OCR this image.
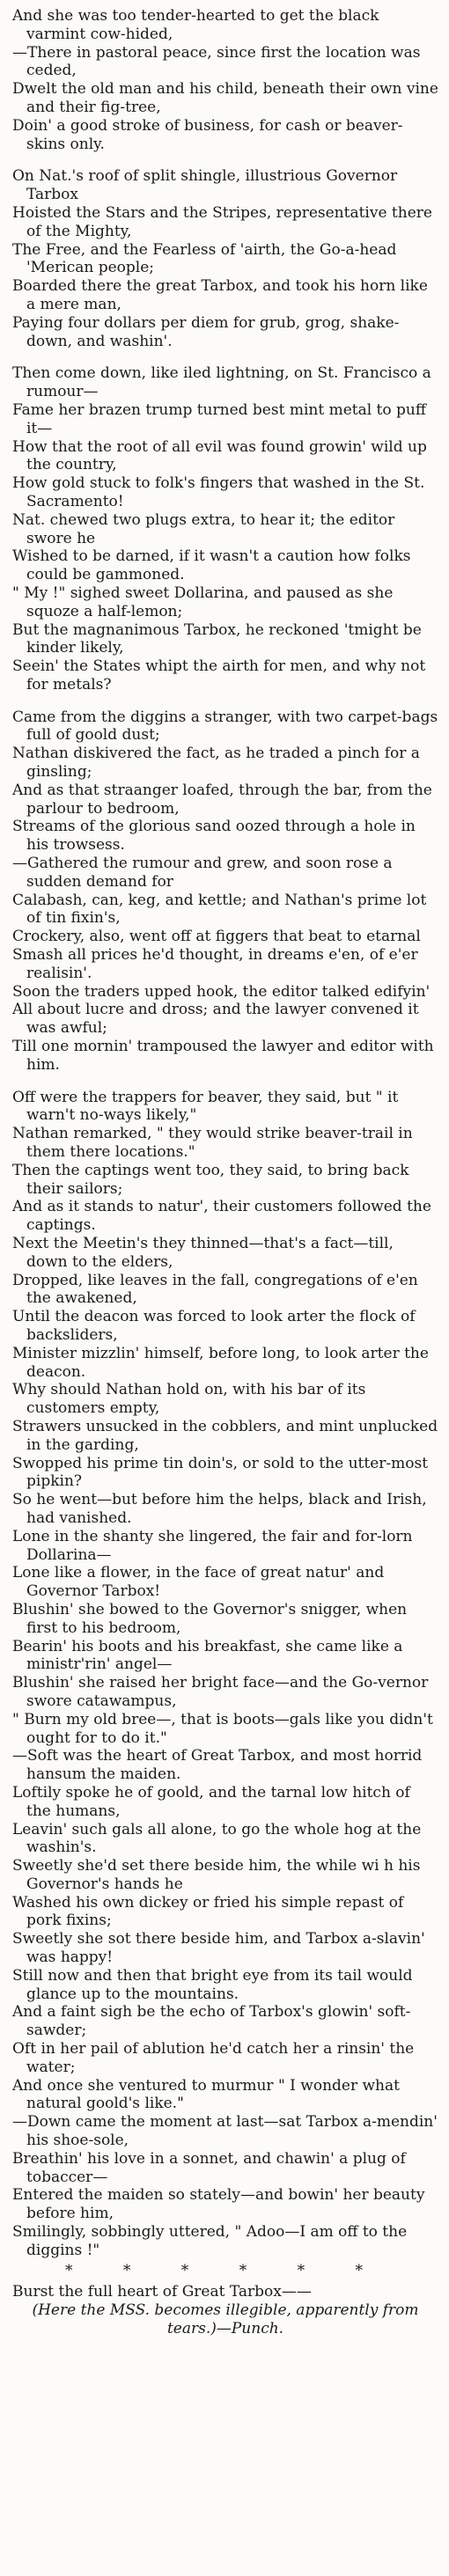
And she was too tender-hearted to get the black varmint cow-hided,

—There in pastoral peace, since first the location was ceded,

Dwelt the old man and his child, beneath their own vine and their fig-tree,

Doin' a good stroke of business, for cash or beaver-skins only.

On Nat.'s roof of split shingle, illustrious Governor Tarbox

Hoisted the Stars and the Stripes, representative there of the Mighty,

The Free, and the Fearless of 'airth, the Go-a-head 'Merican people;

Boarded there the great Tarbox, and took his horn like a mere man,

Paying four dollars per diem for grub, grog, shake-down, and washin'.

Then come down, like iled lightning, on St. Francisco a rumour—

Fame her brazen trump turned best mint metal to puff it—

How that the root of all evil was found growin' wild up the country,

How gold stuck to folk's fingers that washed in the St. Sacramento!

Nat. chewed two plugs extra, to hear it; the editor swore he

Wished to be darned, if it wasn't a caution how folks could be gammoned.

" My !" sighed sweet Dollarina, and paused as she squoze a half-lemon;

But the magnanimous Tarbox, he reckoned 'tmight be kinder likely,

Seein' the States whipt the airth for men, and why not for metals?

Came from the diggins a stranger, with two carpet-bags full of goold dust;

Nathan diskivered the fact, as he traded a pinch for a ginsling;

And as that straanger loafed, through the bar, from the parlour to bedroom,

Streams of the glorious sand oozed through a hole in his trowsess.

—Gathered the rumour and grew, and soon rose a sudden demand for

Calabash, can, keg, and kettle; and Nathan's prime lot of tin fixin's,

Crockery, also, went off at figgers that beat to etarnal

Smash all prices he'd thought, in dreams e'en, of e'er realisin'.

Soon the traders upped hook, the editor talked edifyin'

All about lucre and dross; and the lawyer convened it was awful;

Till one mornin' trampoused the lawyer and editor with him.

Off were the trappers for beaver, they said, but " it warn't no-ways likely,"

Nathan remarked, " they would strike beaver-trail in them there locations."

Then the captings went too, they said, to bring back their sailors;

And as it stands to natur', their customers followed the captings.

Next the Meetin's they thinned—that's a fact—till, down to the elders,

Dropped, like leaves in the fall, congregations of e'en the awakened,

Until the deacon was forced to look arter the flock of backsliders,

Minister mizzlin' himself, before long, to look arter the deacon.

Why should Nathan hold on, with his bar of its customers empty,

Strawers unsucked in the cobblers, and mint unplucked in the garding,

Swopped his prime tin doin's, or sold to the utter-most pipkin?

So he went—but before him the helps, black and Irish, had vanished.

Lone in the shanty she lingered, the fair and for-lorn Dollarina—

Lone like a flower, in the face of great natur' and Governor Tarbox!

Blushin' she bowed to the Governor's snigger, when first to his bedroom,

Bearin' his boots and his breakfast, she came like a ministr'rin' angel—

Blushin' she raised her bright face—and the Go-vernor swore catawampus,

" Burn my old bree—, that is boots—gals like you didn't ought for to do it."

—Soft was the heart of Great Tarbox, and most horrid hansum the maiden.

Loftily spoke he of goold, and the tarnal low hitch of the humans,

Leavin' such gals all alone, to go the whole hog at the washin's.

Sweetly she'd set there beside him, the while wi h his Governor's hands he

Washed his own dickey or fried his simple repast of pork fixins;

Sweetly she sot there beside him, and Tarbox a-slavin' was happy!

Still now and then that bright eye from its tail would glance up to the mountains.

And a faint sigh be the echo of Tarbox's glowin' soft-sawder;

Oft in her pail of ablution he'd catch her a rinsin' the water;

And once she ventured to murmur " I wonder what natural goold's like."

—Down came the moment at last—sat Tarbox a-mendin' his shoe-sole,

Breathin' his love in a sonnet, and chawin' a plug of tobaccer—

Entered the maiden so stately—and bowin' her beauty before him,

Smilingly, sobbingly uttered, " Adoo—I am off to the diggins !"

* * * * * *

Burst the full heart of Great Tarbox——

(Here the MSS. becomes illegible, apparently from tears.)—Punch.
